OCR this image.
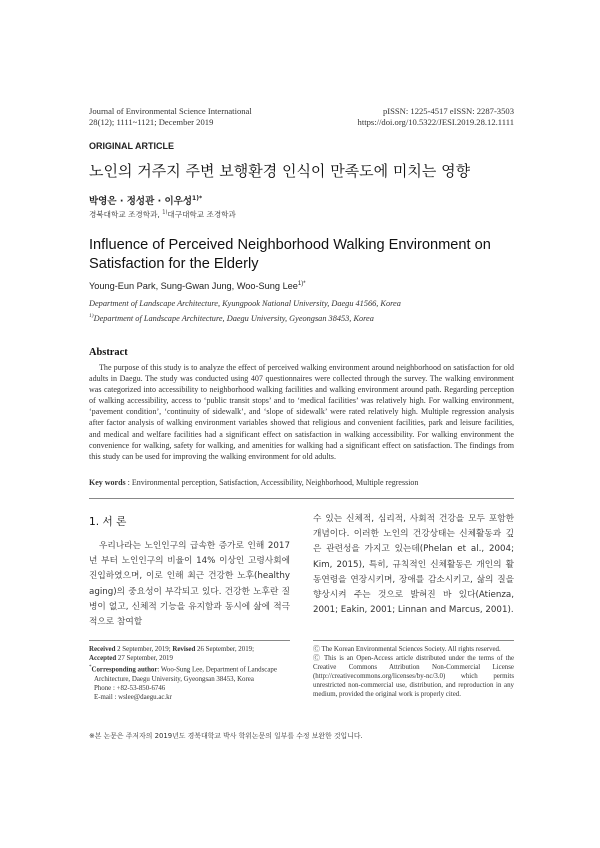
Journal of Environmental Science International
28(12); 1111~1121; December 2019
pISSN: 1225-4517 eISSN: 2287-3503
https://doi.org/10.5322/JESI.2019.28.12.1111
ORIGINAL ARTICLE
노인의 거주지 주변 보행환경 인식이 만족도에 미치는 영향
박영은 · 정성관 · 이우성$^{1)*}$
경북대학교 조경학과, $^{1)}$대구대학교 조경학과
Influence of Perceived Neighborhood Walking Environment on
Satisfaction for the Elderly
Young-Eun Park, Sung-Gwan Jung, Woo-Sung Lee$^{1)*}$
Department of Landscape Architecture, Kyungpook National University, Daegu 41566, Korea
$^{1)}$Department of Landscape Architecture, Daegu University, Gyeongsan 38453, Korea
Abstract
The purpose of this study is to analyze the effect of perceived walking environment around neighborhood on satisfaction for old adults in Daegu. The study was conducted using 407 questionnaires were collected through the survey. The walking environment was categorized into accessibility to neighborhood walking facilities and walking environment around path. Regarding perception of walking accessibility, access to ‘public transit stops’ and to ‘medical facilities’ was relatively high. For walking environment, ‘pavement condition’, ‘continuity of sidewalk’, and ‘slope of sidewalk’ were rated relatively high. Multiple regression analysis after factor analysis of walking environment variables showed that religious and convenient facilities, park and leisure facilities, and medical and welfare facilities had a significant effect on satisfaction in walking accessibility. For walking environment the convenience for walking, safety for walking, and amenities for walking had a significant effect on satisfaction. The findings from this study can be used for improving the walking environment for old adults.
Key words : Environmental perception, Satisfaction, Accessibility, Neighborhood, Multiple regression
1. 서 론
우리나라는 노인인구의 급속한 증가로 인해 2017년 부터 노인인구의 비율이 14% 이상인 고령사회에 진입하였으며, 이로 인해 최근 건강한 노후(healthy aging)의 중요성이 부각되고 있다. 건강한 노후란 질병이 없고, 신체적 기능을 유지함과 동시에 삶에 적극적으로 참여할
수 있는 신체적, 심리적, 사회적 건강을 모두 포함한 개념이다. 이러한 노인의 건강상태는 신체활동과 깊은 관련성을 가지고 있는데(Phelan et al., 2004; Kim, 2015), 특히, 규칙적인 신체활동은 개인의 활동연령을 연장시키며, 장애를 감소시키고, 삶의 질을 향상시켜 주는 것으로 밝혀진 바 있다(Atienza, 2001; Eakin, 2001; Linnan and Marcus, 2001).
Received 2 September, 2019; Revised 26 September, 2019;
Accepted 27 September, 2019
*Corresponding author: Woo-Sung Lee, Department of Landscape
Architecture, Daegu University, Gyeongsan 38453, Korea
Phone : +82-53-850-6746
E-mail : wslee@daegu.ac.kr
Ⓒ The Korean Environmental Sciences Society. All rights reserved.
Ⓒ This is an Open-Access article distributed under the terms of the Creative Commons Attribution Non-Commercial License (http://creativecommons.org/licenses/by-nc/3.0) which permits unrestricted non-commercial use, distribution, and reproduction in any medium, provided the original work is properly cited.
※본 논문은 주저자의 2019년도 경북대학교 박사 학위논문의 일부를 수정 보완한 것입니다.
